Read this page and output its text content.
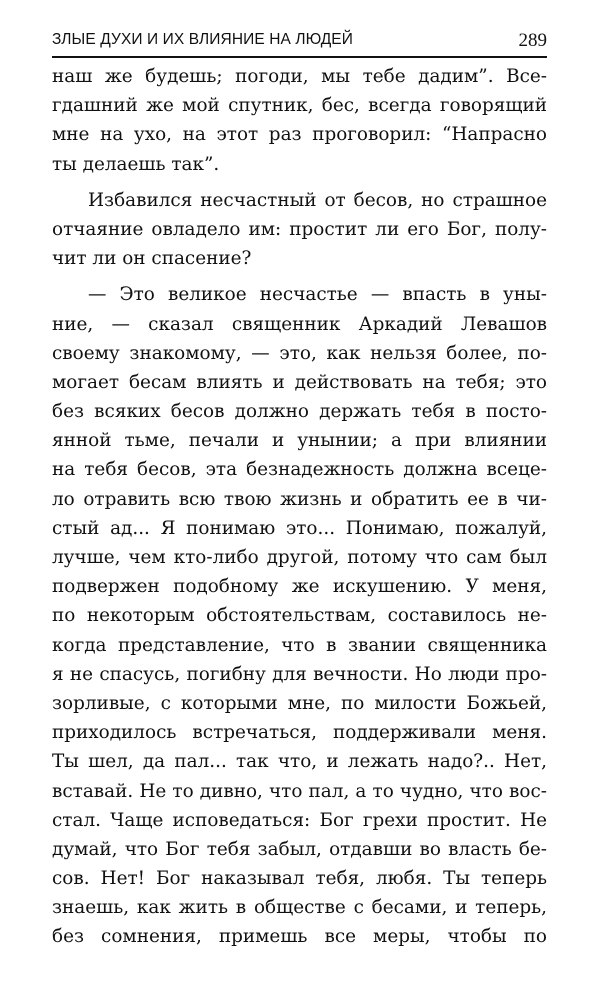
ЗЛЫЕ ДУХИ И ИХ ВЛИЯНИЕ НА ЛЮДЕЙ	289
наш же будешь; погоди, мы тебе дадим”. Все-
гдашний же мой спутник, бес, всегда говорящий
мне на ухо, на этот раз проговорил: “Напрасно
ты делаешь так”.
Избавился несчастный от бесов, но страшное
отчаяние овладело им: простит ли его Бог, полу-
чит ли он спасение?
— Это великое несчастье — впасть в уны-
ние, — сказал священник Аркадий Левашов
своему знакомому, — это, как нельзя более, по-
могает бесам влиять и действовать на тебя; это
без всяких бесов должно держать тебя в посто-
янной тьме, печали и унынии; а при влиянии
на тебя бесов, эта безнадежность должна всеце-
ло отравить всю твою жизнь и обратить ее в чи-
стый ад... Я понимаю это... Понимаю, пожалуй,
лучше, чем кто-либо другой, потому что сам был
подвержен подобному же искушению. У меня,
по некоторым обстоятельствам, составилось не-
когда представление, что в звании священника
я не спасусь, погибну для вечности. Но люди про-
зорливые, с которыми мне, по милости Божьей,
приходилось встречаться, поддерживали меня.
Ты шел, да пал... так что, и лежать надо?.. Нет,
вставай. Не то дивно, что пал, а то чудно, что вос-
стал. Чаще исповедаться: Бог грехи простит. Не
думай, что Бог тебя забыл, отдавши во власть бе-
сов. Нет! Бог наказывал тебя, любя. Ты теперь
знаешь, как жить в обществе с бесами, и теперь,
без сомнения, примешь все меры, чтобы по
